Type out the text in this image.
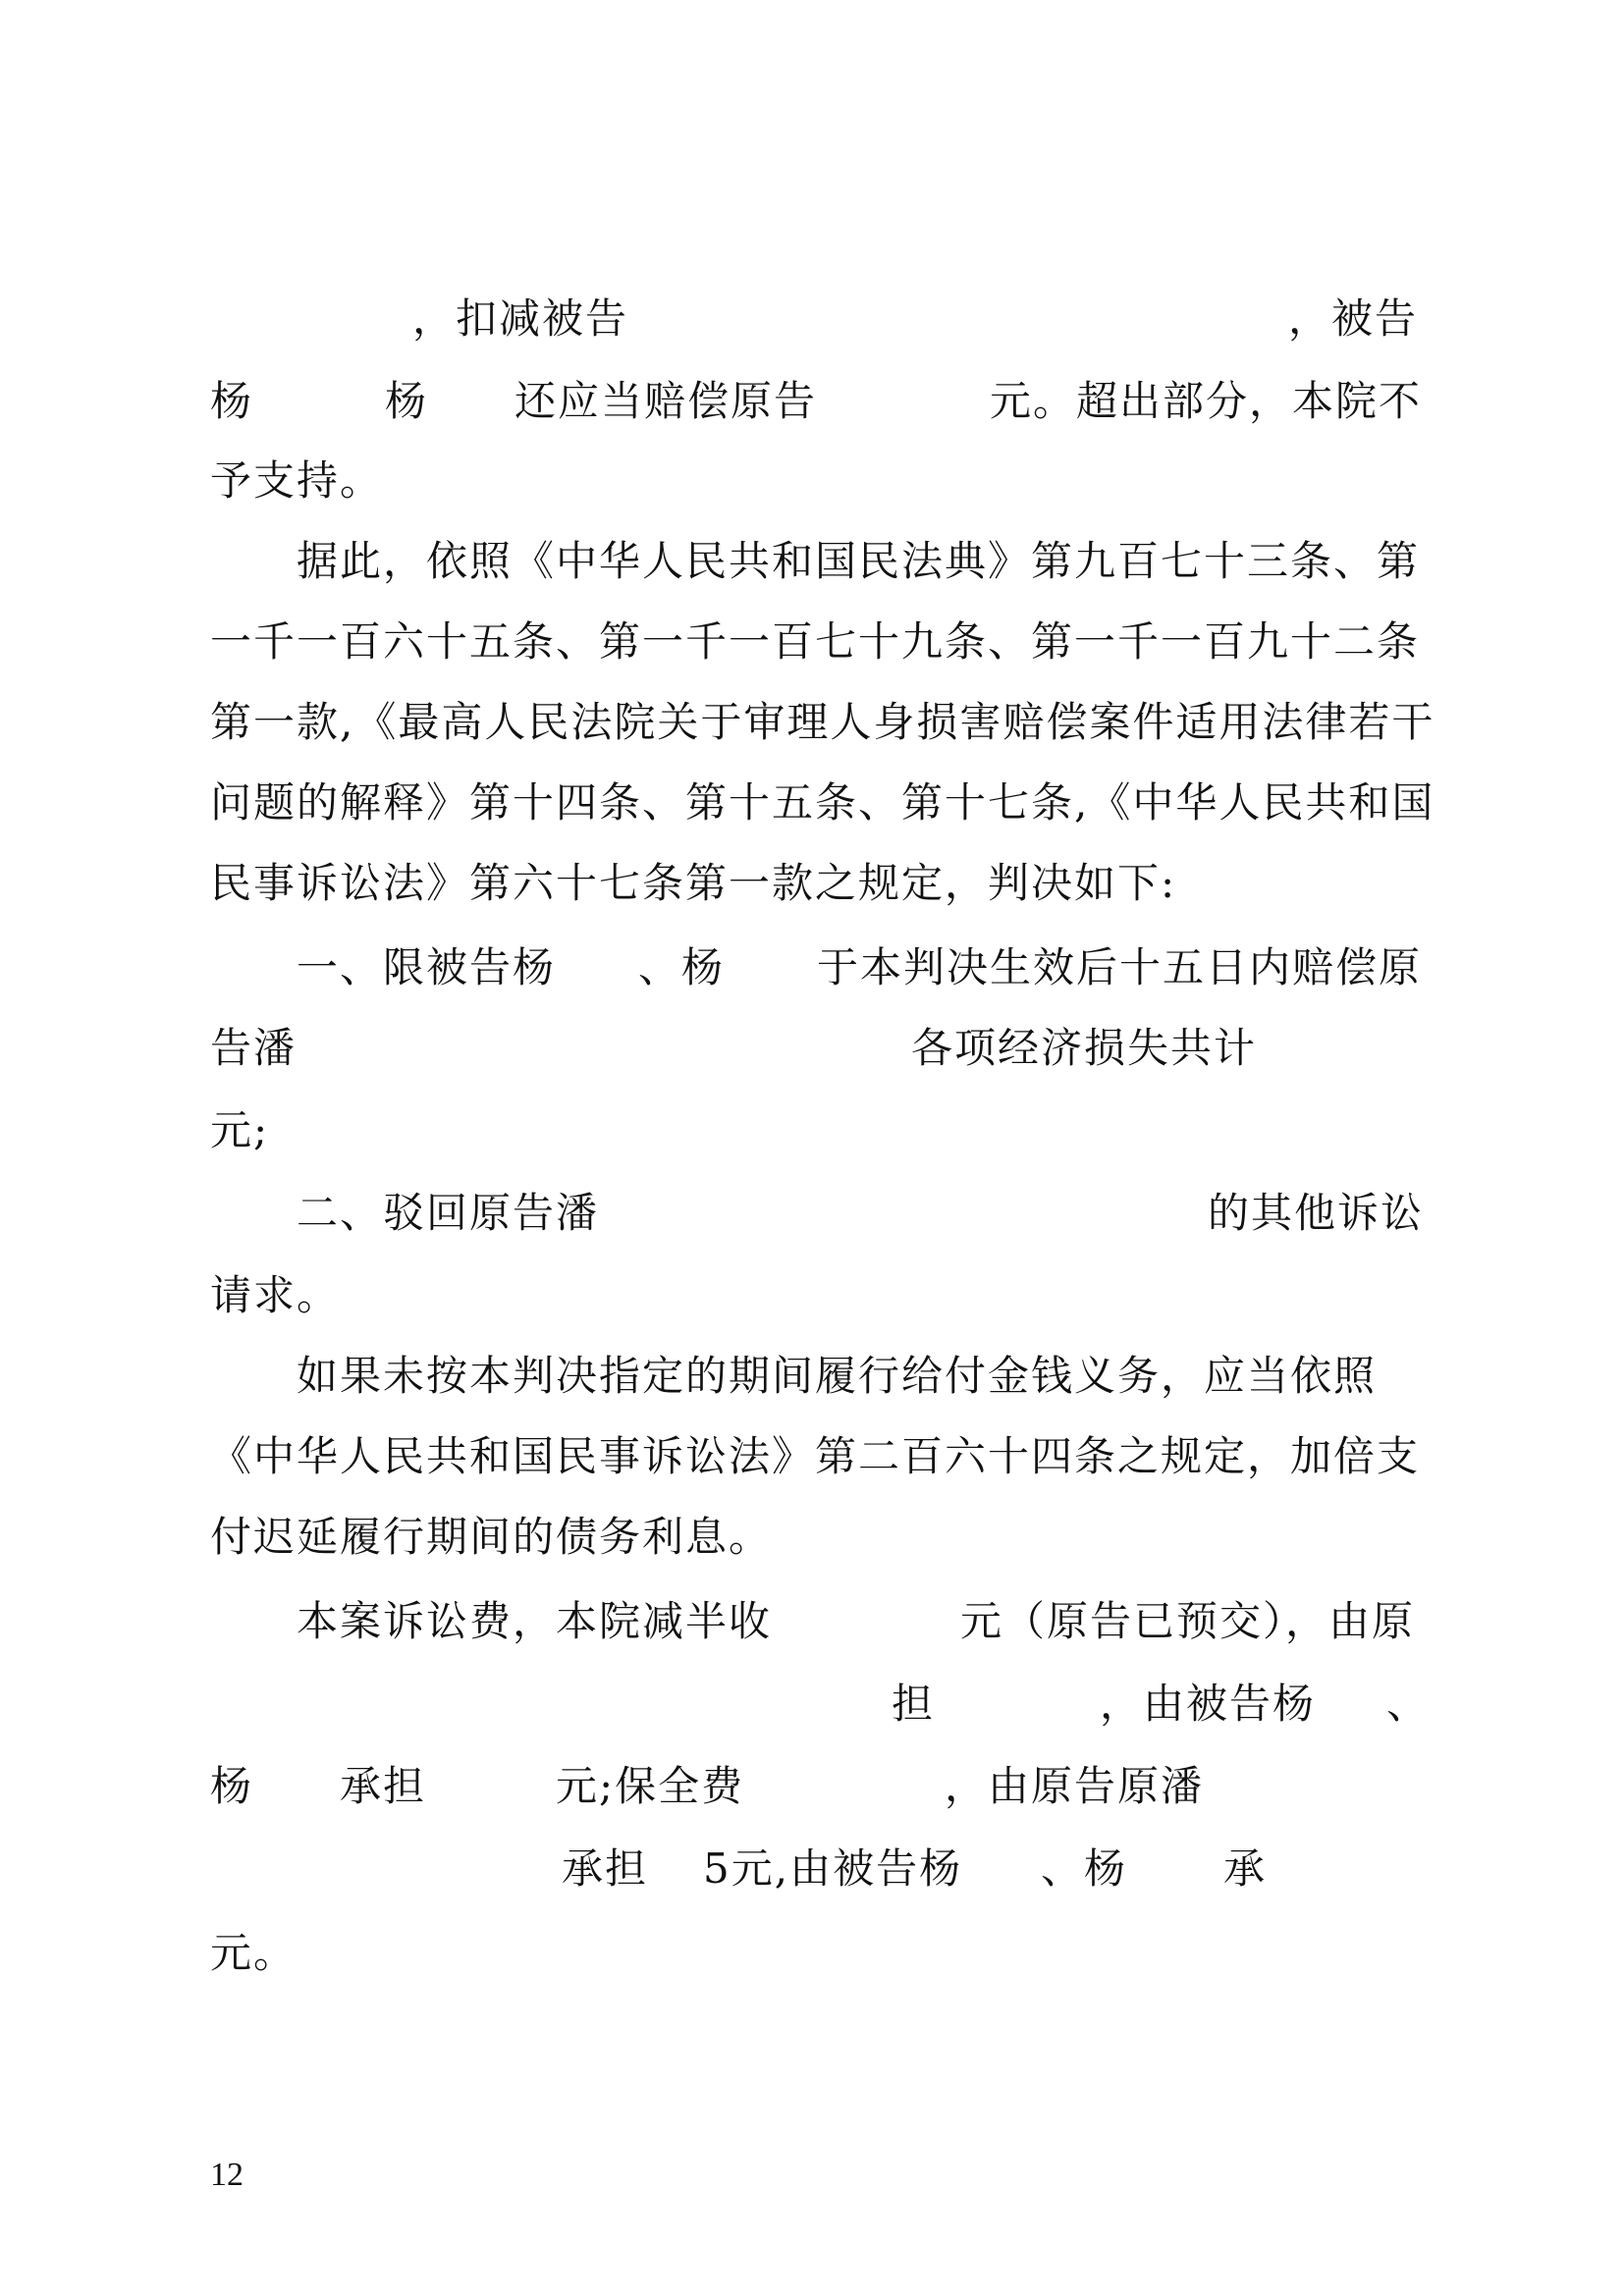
，扣减被告	，被告
杨	杨 还应当赔偿原告	元。超出部分，本院不
予支持。
据此，依照《中华人民共和国民法典》第九百七十三条、第
一千一百六十五条、第一千一百七十九条、第一千一百九十二条
第一款,《最高人民法院关于审理人身损害赔偿案件适用法律若干
问题的解释》第十四条、第十五条、第十七条,《中华人民共和国
民事诉讼法》第六十七条第一款之规定，判决如下:
一、限被告杨 、杨 于本判决生效后十五日内赔偿原
告潘	各项经济损失共计
元;
二、驳回原告潘	的其他诉讼
请求。
如果未按本判决指定的期间履行给付金钱义务，应当依照
《中华人民共和国民事诉讼法》第二百六十四条之规定，加倍支
付迟延履行期间的债务利息。
本案诉讼费，本院减半收	元（原告已预交），由原
担	，由被告杨 、
杨 承担	元;保全费	，由原告原潘
承担 5元,由被告杨 、杨 承
元。
12
